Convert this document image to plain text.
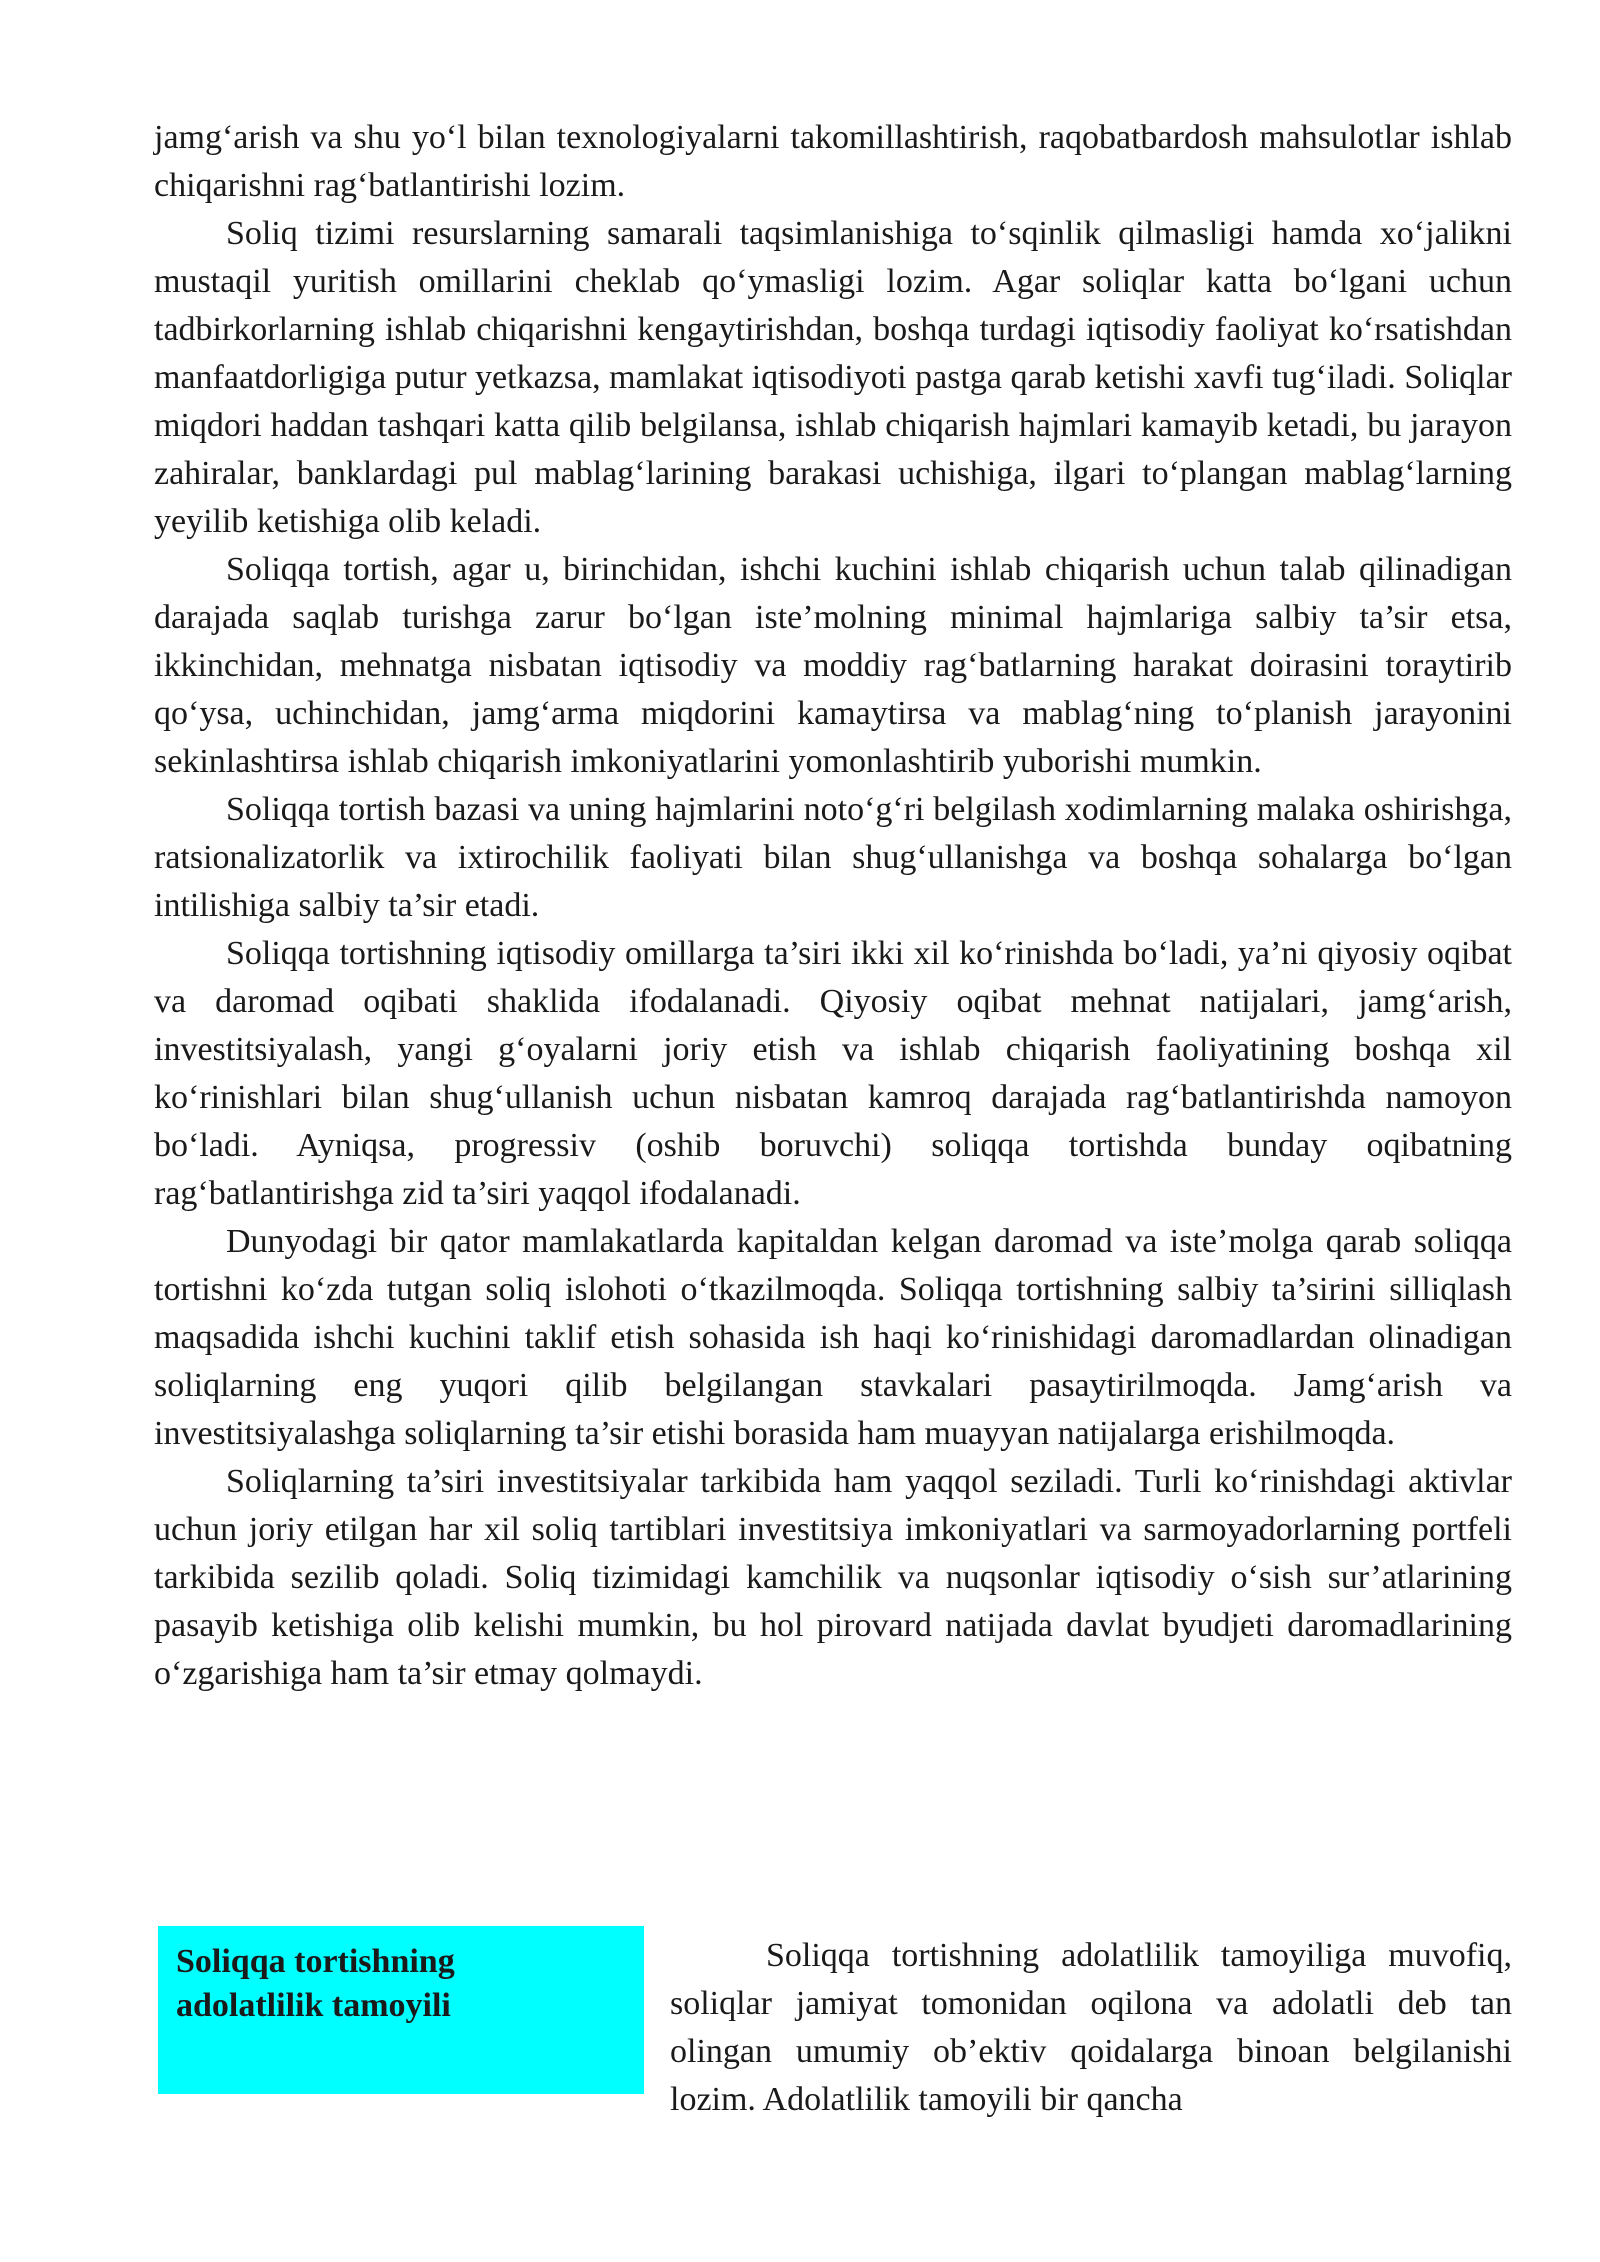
jamg‘arish va shu yo‘l bilan texnologiyalarni takomillashtirish, raqobatbardosh mahsulotlar ishlab chiqarishni rag‘batlantirishi lozim.

Soliq tizimi resurslarning samarali taqsimlanishiga to‘sqinlik qilmasligi hamda xo‘jalikni mustaqil yuritish omillarini cheklab qo‘ymasligi lozim. Agar soliqlar katta bo‘lgani uchun tadbirkorlarning ishlab chiqarishni kengaytirishdan, boshqa turdagi iqtisodiy faoliyat ko‘rsatishdan manfaatdorligiga putur yetkazsa, mamlakat iqtisodiyoti pastga qarab ketishi xavfi tug‘iladi. Soliqlar miqdori haddan tashqari katta qilib belgilansa, ishlab chiqarish hajmlari kamayib ketadi, bu jarayon zahiralar, banklardagi pul mablag‘larining barakasi uchishiga, ilgari to‘plangan mablag‘larning yeyilib ketishiga olib keladi.

Soliqqa tortish, agar u, birinchidan, ishchi kuchini ishlab chiqarish uchun talab qilinadigan darajada saqlab turishga zarur bo‘lgan iste’molning minimal hajmlariga salbiy ta’sir etsa, ikkinchidan, mehnatga nisbatan iqtisodiy va moddiy rag‘batlarning harakat doirasini toraytirib qo‘ysa, uchinchidan, jamg‘arma miqdorini kamaytirsa va mablag‘ning to‘planish jarayonini sekinlashtirsa ishlab chiqarish imkoniyatlarini yomonlashtirib yuborishi mumkin.

Soliqqa tortish bazasi va uning hajmlarini noto‘g‘ri belgilash xodimlarning malaka oshirishga, ratsionalizatorlik va ixtirochilik faoliyati bilan shug‘ullanishga va boshqa sohalarga bo‘lgan intilishiga salbiy ta’sir etadi.

Soliqqa tortishning iqtisodiy omillarga ta’siri ikki xil ko‘rinishda bo‘ladi, ya’ni qiyosiy oqibat va daromad oqibati shaklida ifodalanadi. Qiyosiy oqibat mehnat natijalari, jamg‘arish, investitsiyalash, yangi g‘oyalarni joriy etish va ishlab chiqarish faoliyatining boshqa xil ko‘rinishlari bilan shug‘ullanish uchun nisbatan kamroq darajada rag‘batlantirishda namoyon bo‘ladi. Ayniqsa, progressiv (oshib boruvchi) soliqqa tortishda bunday oqibatning rag‘batlantirishga zid ta’siri yaqqol ifodalanadi.

Dunyodagi bir qator mamlakatlarda kapitaldan kelgan daromad va iste’molga qarab soliqqa tortishni ko‘zda tutgan soliq islohoti o‘tkazilmoqda. Soliqqa tortishning salbiy ta’sirini silliqlash maqsadida ishchi kuchini taklif etish sohasida ish haqi ko‘rinishidagi daromadlardan olinadigan soliqlarning eng yuqori qilib belgilangan stavkalari pasaytirilmoqda. Jamg‘arish va investitsiyalashga soliqlarning ta’sir etishi borasida ham muayyan natijalarga erishilmoqda.

Soliqlarning ta’siri investitsiyalar tarkibida ham yaqqol seziladi. Turli ko‘rinishdagi aktivlar uchun joriy etilgan har xil soliq tartiblari investitsiya imkoniyatlari va sarmoyadorlarning portfeli tarkibida sezilib qoladi. Soliq tizimidagi kamchilik va nuqsonlar iqtisodiy o‘sish sur’atlarining pasayib ketishiga olib kelishi mumkin, bu hol pirovard natijada davlat byudjeti daromadlarining o‘zgarishiga ham ta’sir etmay qolmaydi.

Soliqqa tortishning
adolatlilik tamoyili

Soliqqa tortishning adolatlilik tamoyiliga muvofiq, soliqlar jamiyat tomonidan oqilona va adolatli deb tan olingan umumiy ob’ektiv qoidalarga binoan belgilanishi lozim. Adolatlilik tamoyili bir qancha
